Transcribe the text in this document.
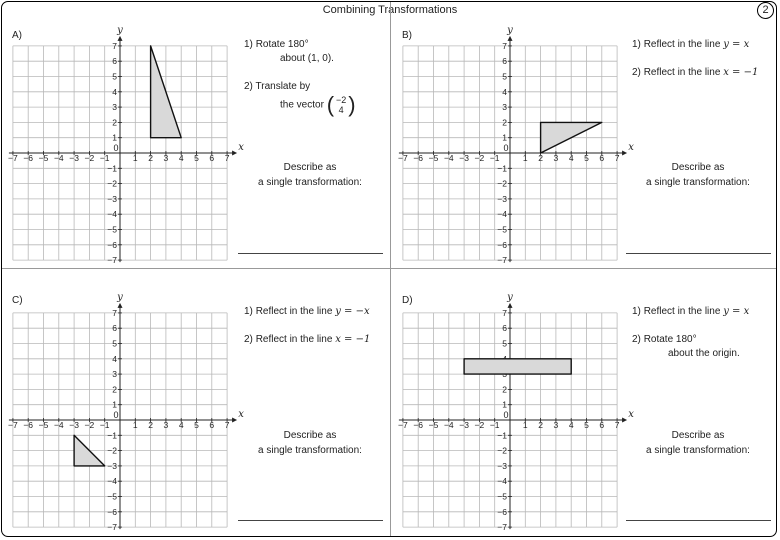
Combining Transformations	2
x
y
0
−7 −6 −5 −4 −3 −2 −1	1 2 3 4 5 6 7
7
6
5
4
3
2
1
−1
−2
−3
−4
−5
−6
−7
x
y
0
−7 −6 −5 −4 −3 −2 −1	1 2 3 4 5 6 7
7
6
5
4
3
2
1
−1
−2
−3
−4
−5
−6
−7
x
y
0
−7 −6 −5 −4 −3 −2 −1	1 2 3 4 5 6 7
7
6
5
4
3
2
1
−1
−2
−3
−4
−5
−6
−7
x
y
0
−7 −6 −5 −4 −3 −2 −1	1 2 3 4 5 6 7
7
6
5
2
1
−1
−2
−3
−4
−5
−6
−7
A)
1) Rotate 180°
about (1, 0).
2) Translate by
the vector ( −2
4 )
Describe as
a single transformation:
B)
1) Reflect in the line y = x
2) Reflect in the line x = −1
Describe as
a single transformation:
C)
1) Reflect in the line y = −x
2) Reflect in the line x = −1
Describe as
a single transformation:
D)
1) Reflect in the line y = x
2) Rotate 180°
about the origin.
Describe as
a single transformation:
